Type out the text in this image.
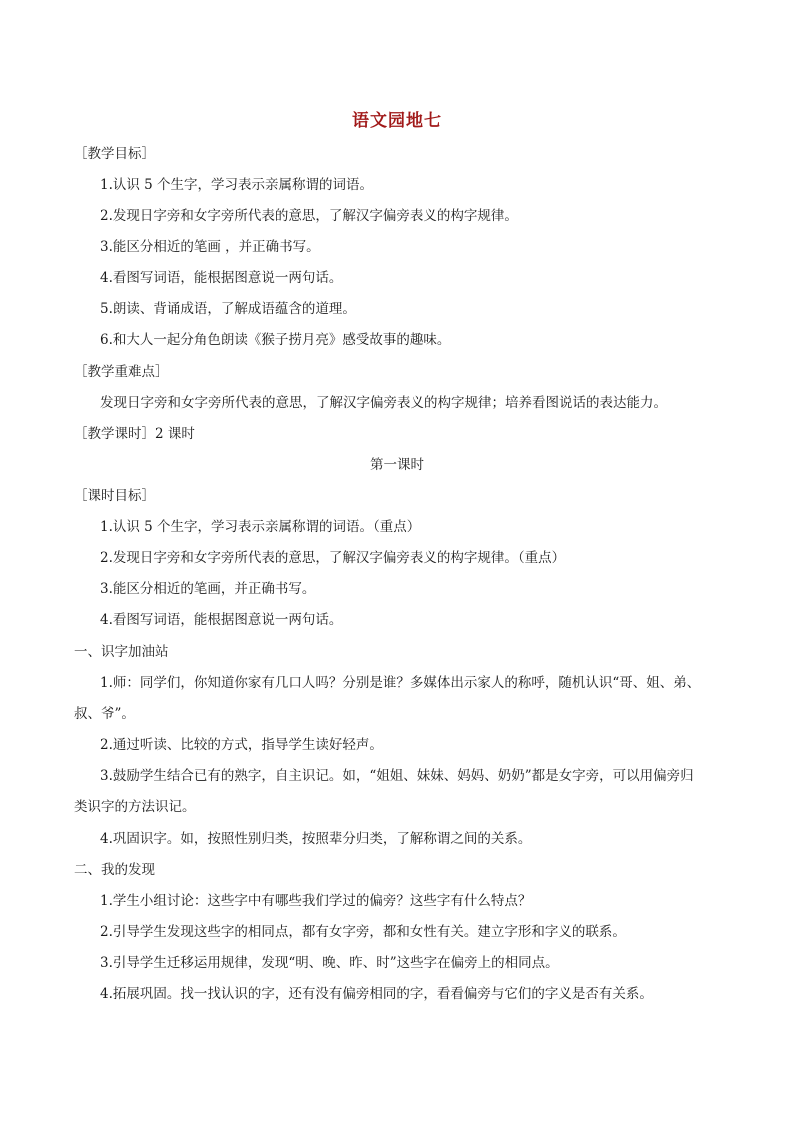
语文园地七
［教学目标］
1.认识 5 个生字，学习表示亲属称谓的词语。
2.发现日字旁和女字旁所代表的意思，了解汉字偏旁表义的构字规律。
3.能区分相近的笔画 ，并正确书写。
4.看图写词语，能根据图意说一两句话。
5.朗读、背诵成语，了解成语蕴含的道理。
6.和大人一起分角色朗读《猴子捞月亮》感受故事的趣味。
［教学重难点］
发现日字旁和女字旁所代表的意思，了解汉字偏旁表义的构字规律；培养看图说话的表达能力。
［教学课时］2 课时
第一课时
［课时目标］
1.认识 5 个生字，学习表示亲属称谓的词语。（重点）
2.发现日字旁和女字旁所代表的意思，了解汉字偏旁表义的构字规律。（重点）
3.能区分相近的笔画，并正确书写。
4.看图写词语，能根据图意说一两句话。
一、识字加油站
1.师：同学们，你知道你家有几口人吗？分别是谁？多媒体出示家人的称呼，随机认识“哥、姐、弟、
叔、爷”。
2.通过听读、比较的方式，指导学生读好轻声。
3.鼓励学生结合已有的熟字，自主识记。如，“姐姐、妹妹、妈妈、奶奶”都是女字旁，可以用偏旁归
类识字的方法识记。
4.巩固识字。如，按照性别归类，按照辈分归类，了解称谓之间的关系。
二、我的发现
1.学生小组讨论：这些字中有哪些我们学过的偏旁？这些字有什么特点？
2.引导学生发现这些字的相同点，都有女字旁，都和女性有关。建立字形和字义的联系。
3.引导学生迁移运用规律，发现“明、晚、昨、时”这些字在偏旁上的相同点。
4.拓展巩固。找一找认识的字，还有没有偏旁相同的字，看看偏旁与它们的字义是否有关系。
